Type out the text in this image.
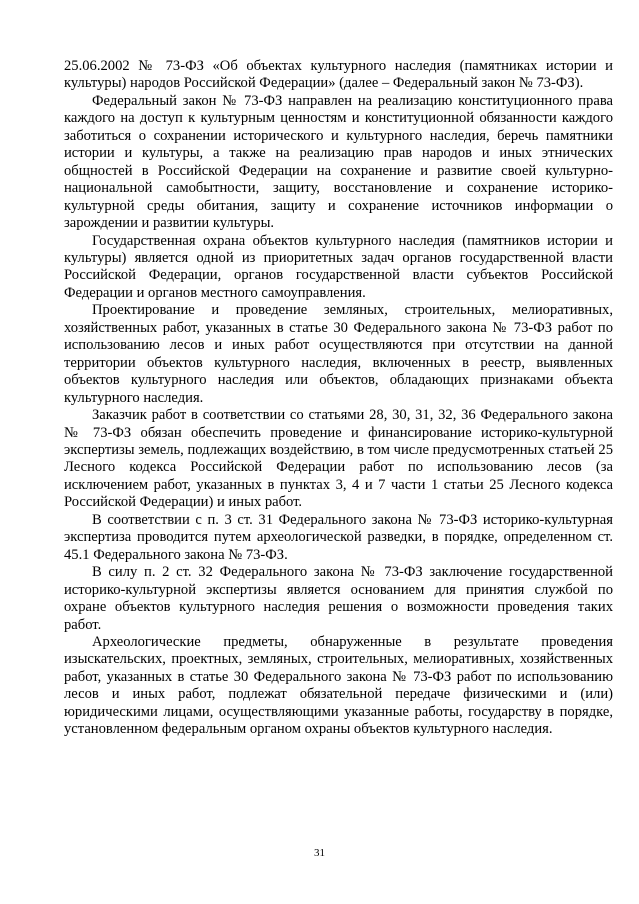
25.06.2002 № 73-ФЗ «Об объектах культурного наследия (памятниках истории и культуры) народов Российской Федерации» (далее – Федеральный закон № 73-ФЗ).

Федеральный закон № 73-ФЗ направлен на реализацию конституционного права каждого на доступ к культурным ценностям и конституционной обязанности каждого заботиться о сохранении исторического и культурного наследия, беречь памятники истории и культуры, а также на реализацию прав народов и иных этнических общностей в Российской Федерации на сохранение и развитие своей культурно-национальной самобытности, защиту, восстановление и сохранение историко-культурной среды обитания, защиту и сохранение источников информации о зарождении и развитии культуры.

Государственная охрана объектов культурного наследия (памятников истории и культуры) является одной из приоритетных задач органов государственной власти Российской Федерации, органов государственной власти субъектов Российской Федерации и органов местного самоуправления.

Проектирование и проведение земляных, строительных, мелиоративных, хозяйственных работ, указанных в статье 30 Федерального закона № 73-ФЗ работ по использованию лесов и иных работ осуществляются при отсутствии на данной территории объектов культурного наследия, включенных в реестр, выявленных объектов культурного наследия или объектов, обладающих признаками объекта культурного наследия.

Заказчик работ в соответствии со статьями 28, 30, 31, 32, 36 Федерального закона № 73-ФЗ обязан обеспечить проведение и финансирование историко-культурной экспертизы земель, подлежащих воздействию, в том числе предусмотренных статьей 25 Лесного кодекса Российской Федерации работ по использованию лесов (за исключением работ, указанных в пунктах 3, 4 и 7 части 1 статьи 25 Лесного кодекса Российской Федерации) и иных работ.

В соответствии с п. 3 ст. 31 Федерального закона № 73-ФЗ историко-культурная экспертиза проводится путем археологической разведки, в порядке, определенном ст. 45.1 Федерального закона № 73-ФЗ.

В силу п. 2 ст. 32 Федерального закона № 73-ФЗ заключение государственной историко-культурной экспертизы является основанием для принятия службой по охране объектов культурного наследия решения о возможности проведения таких работ.

Археологические предметы, обнаруженные в результате проведения изыскательских, проектных, земляных, строительных, мелиоративных, хозяйственных работ, указанных в статье 30 Федерального закона № 73-ФЗ работ по использованию лесов и иных работ, подлежат обязательной передаче физическими и (или) юридическими лицами, осуществляющими указанные работы, государству в порядке, установленном федеральным органом охраны объектов культурного наследия.

31
